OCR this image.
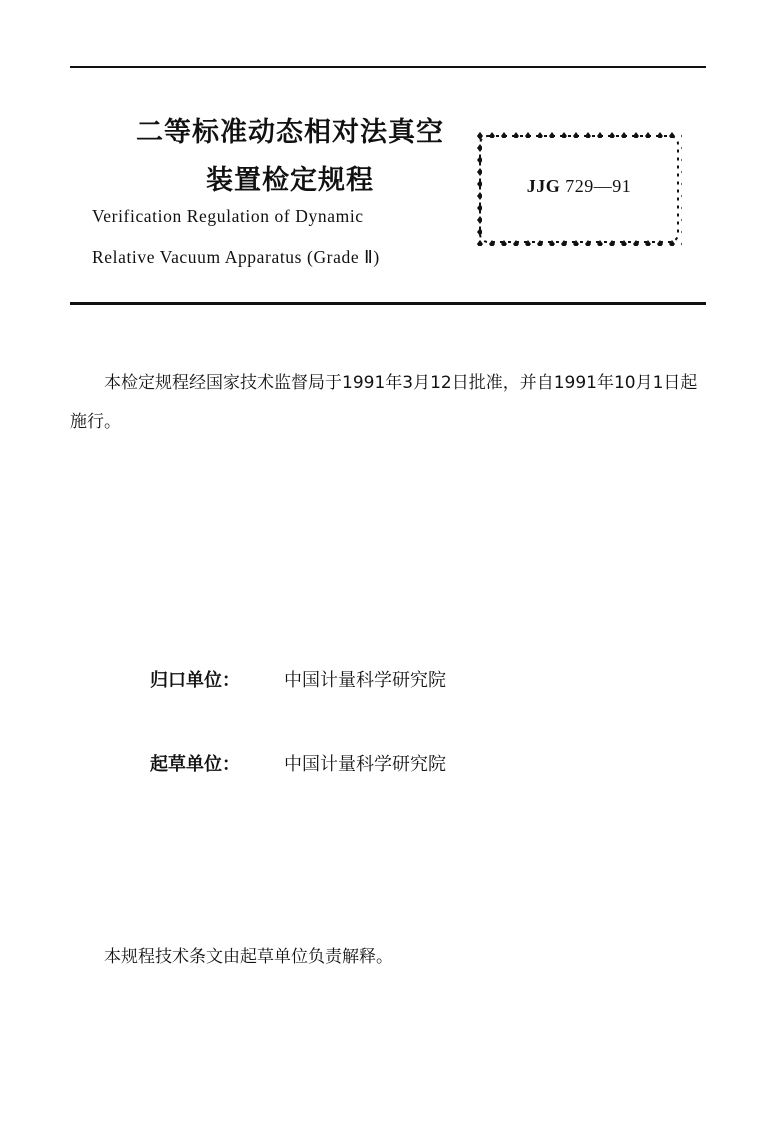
二等标准动态相对法真空
装置检定规程

Verification Regulation of Dynamic

Relative Vacuum Apparatus (Grade Ⅱ)

JJG 729—91

本检定规程经国家技术监督局于1991年3月12日批准，并自1991年10月1日起施行。

归口单位： 中国计量科学研究院
起草单位： 中国计量科学研究院

本规程技术条文由起草单位负责解释。
